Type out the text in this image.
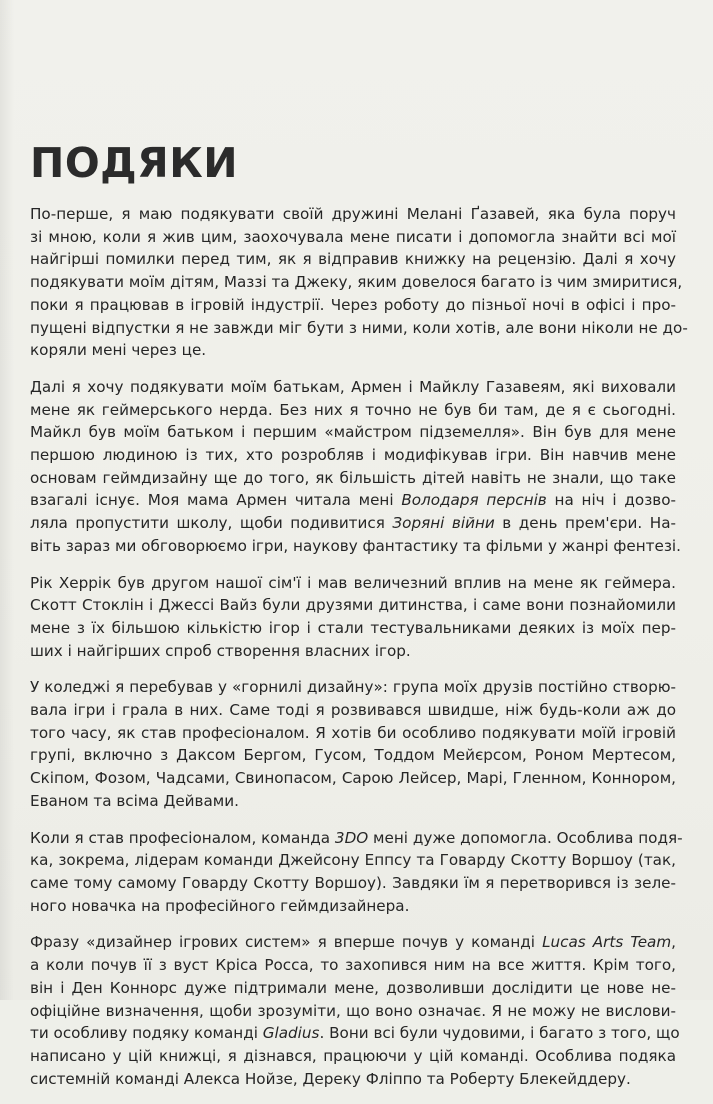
ПОДЯКИ

По-перше, я маю подякувати своїй дружині Мелані Ґазавей, яка була поруч
зі мною, коли я жив цим, заохочувала мене писати і допомогла знайти всі мої
найгірші помилки перед тим, як я відправив книжку на рецензію. Далі я хочу
подякувати моїм дітям, Маззі та Джеку, яким довелося багато із чим змиритися,
поки я працював в ігровій індустрії. Через роботу до пізньої ночі в офісі і про-
пущені відпустки я не завжди міг бути з ними, коли хотів, але вони ніколи не до-
коряли мені через це.

Далі я хочу подякувати моїм батькам, Армен і Майклу Газавеям, які виховали
мене як геймерського нерда. Без них я точно не був би там, де я є сьогодні.
Майкл був моїм батьком і першим «майстром підземелля». Він був для мене
першою людиною із тих, хто розробляв і модифікував ігри. Він навчив мене
основам геймдизайну ще до того, як більшість дітей навіть не знали, що таке
взагалі існує. Моя мама Армен читала мені Володаря перснів на ніч і дозво-
ляла пропустити школу, щоби подивитися Зоряні війни в день прем'єри. На-
віть зараз ми обговорюємо ігри, наукову фантастику та фільми у жанрі фентезі.

Рік Херрік був другом нашої сім'ї і мав величезний вплив на мене як геймера.
Скотт Стоклін і Джессі Вайз були друзями дитинства, і саме вони познайомили
мене з їх більшою кількістю ігор і стали тестувальниками деяких із моїх пер-
ших і найгірших спроб створення власних ігор.

У коледжі я перебував у «горнилі дизайну»: група моїх друзів постійно створю-
вала ігри і грала в них. Саме тоді я розвивався швидше, ніж будь-коли аж до
того часу, як став професіоналом. Я хотів би особливо подякувати моїй ігровій
групі, включно з Даксом Бергом, Гусом, Тоддом Мейєрсом, Роном Мертесом,
Скіпом, Фозом, Чадсами, Свинопасом, Сарою Лейсер, Марі, Гленном, Коннором,
Еваном та всіма Дейвами.

Коли я став професіоналом, команда 3DO мені дуже допомогла. Особлива подя-
ка, зокрема, лідерам команди Джейсону Еппсу та Говарду Скотту Воршоу (так,
саме тому самому Говарду Скотту Воршоу). Завдяки їм я перетворився із зеле-
ного новачка на професійного геймдизайнера.

Фразу «дизайнер ігрових систем» я вперше почув у команді Lucas Arts Team,
а коли почув її з вуст Кріса Росса, то захопився ним на все життя. Крім того,
він і Ден Коннорс дуже підтримали мене, дозволивши дослідити це нове не-
офіційне визначення, щоби зрозуміти, що воно означає. Я не можу не вислови-
ти особливу подяку команді Gladius. Вони всі були чудовими, і багато з того, що
написано у цій книжці, я дізнався, працюючи у цій команді. Особлива подяка
системній команді Алекса Нойзе, Дереку Фліппо та Роберту Блекейддеру.
